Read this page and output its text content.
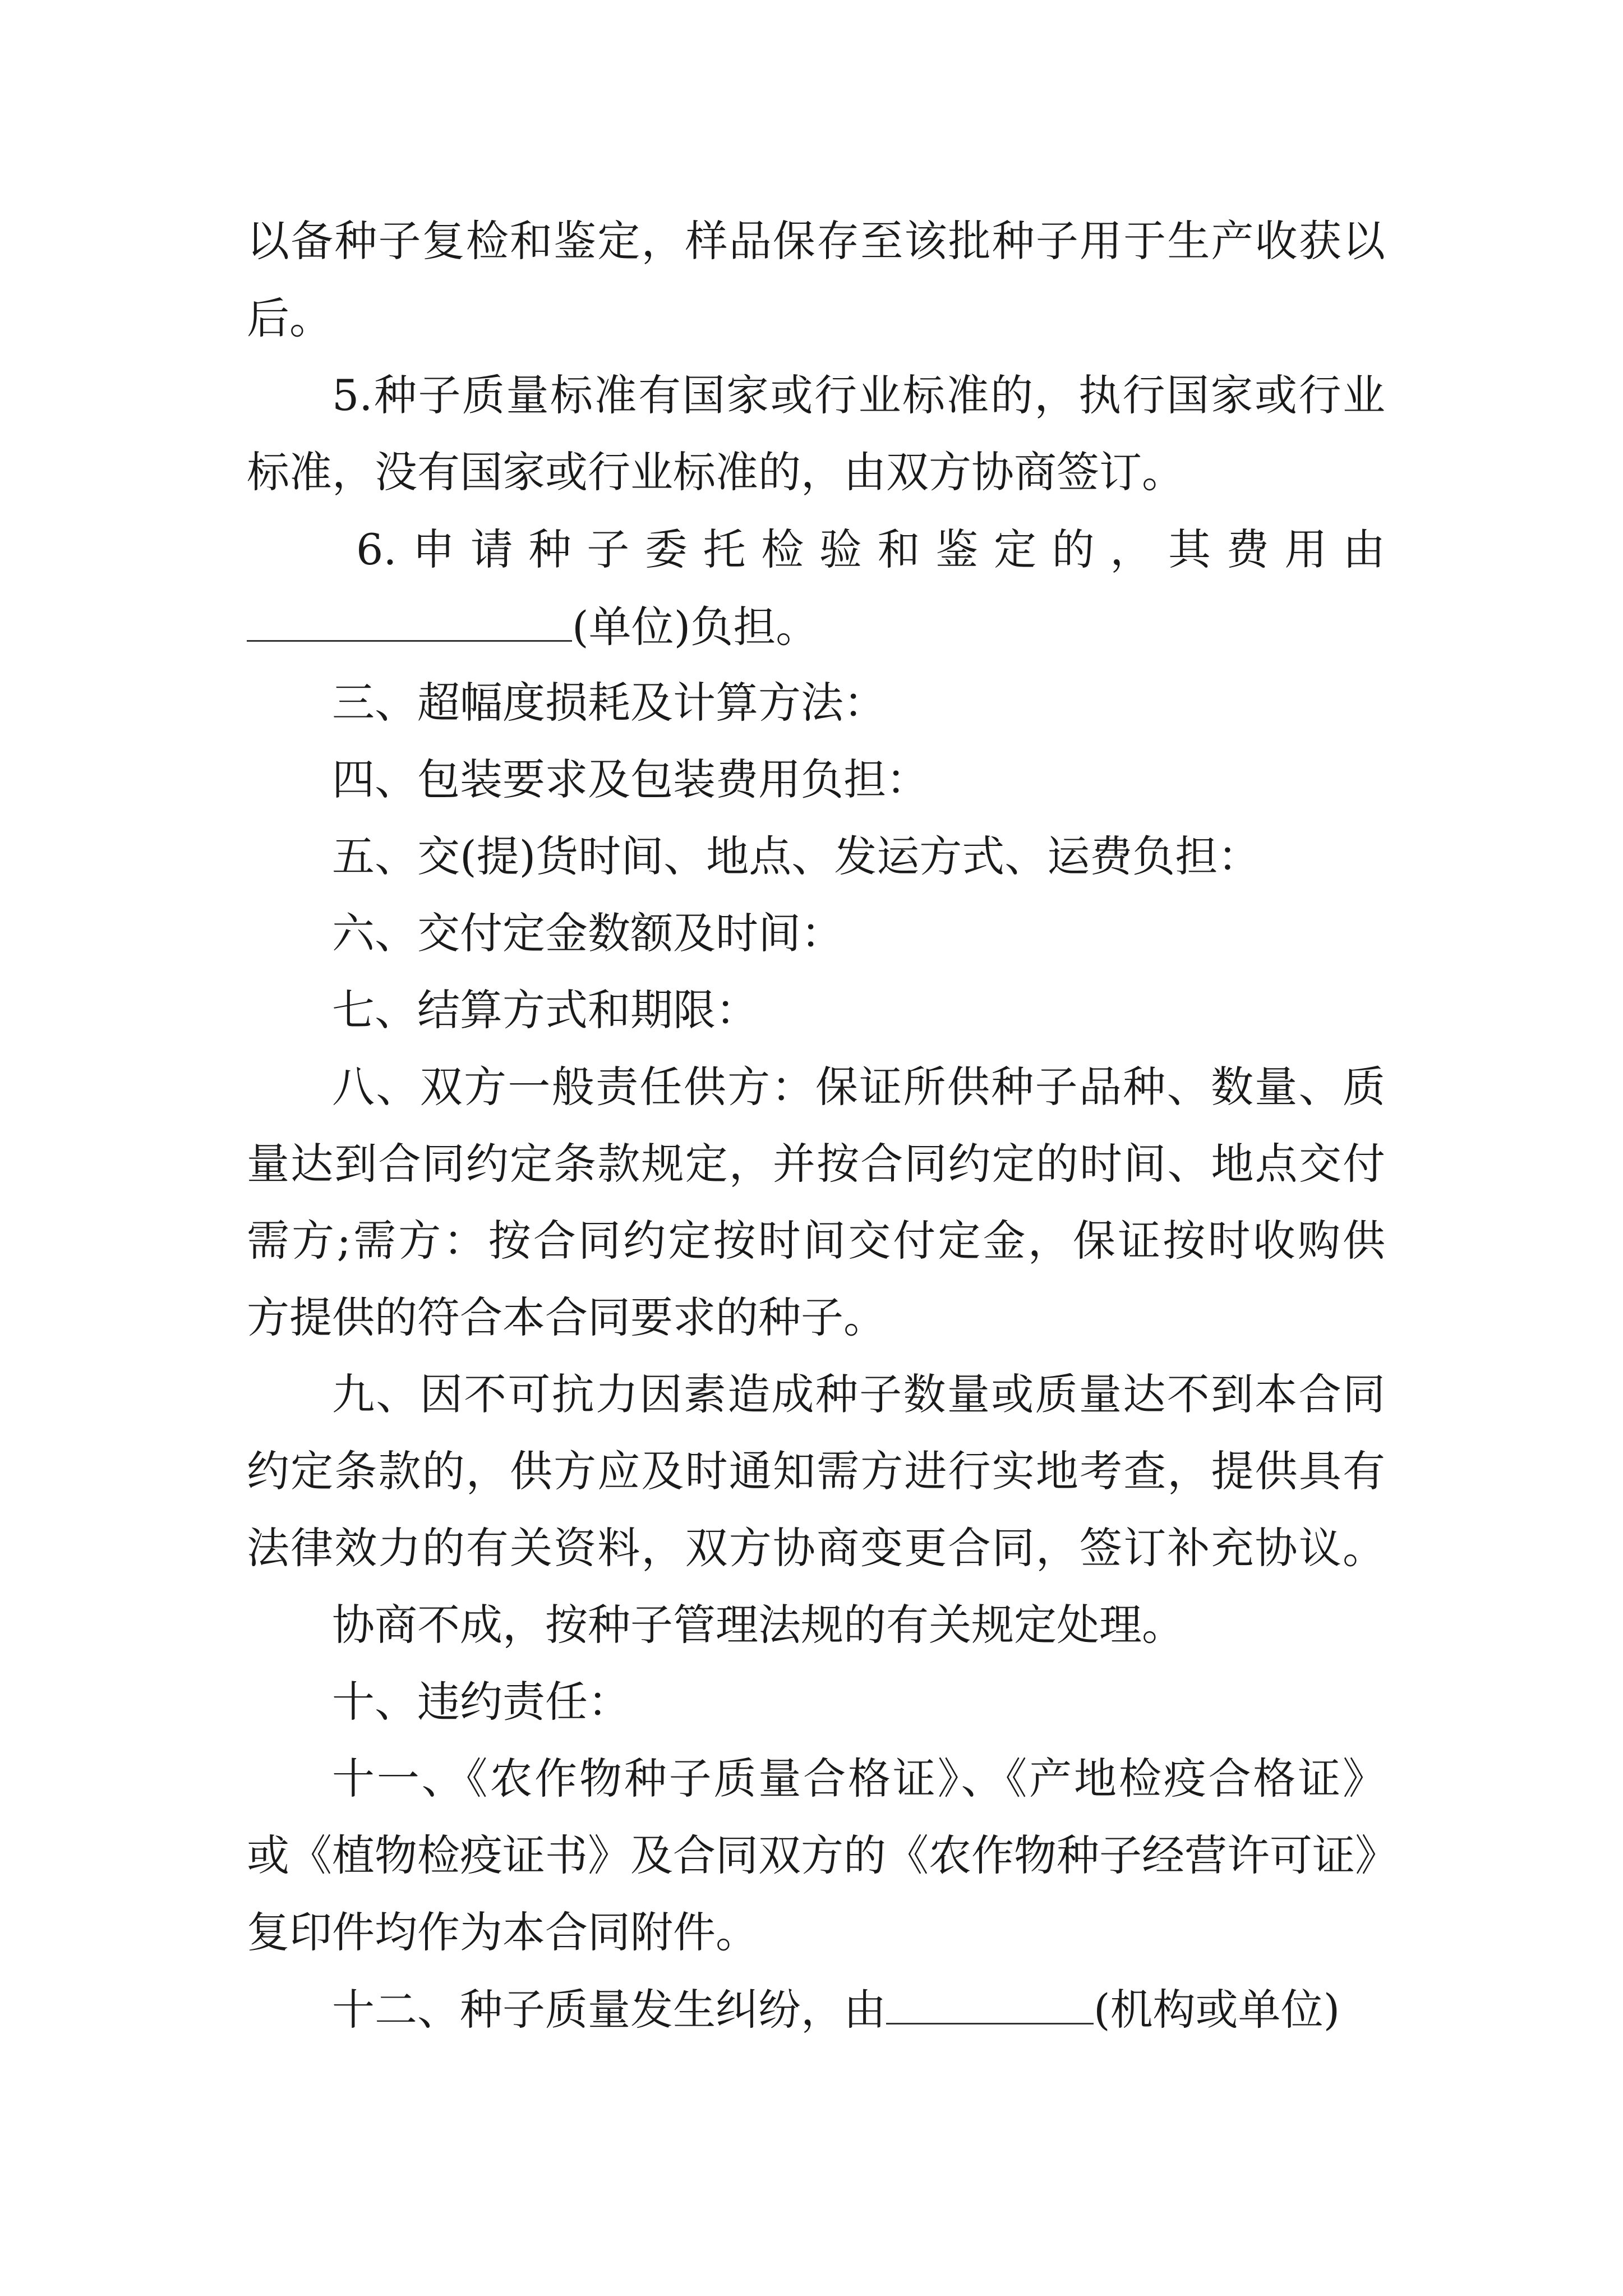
以备种子复检和鉴定，样品保存至该批种子用于生产收获以
后。
5.种子质量标准有国家或行业标准的，执行国家或行业
标准，没有国家或行业标准的，由双方协商签订。
6.申请种子委托检验和鉴定的，其费用由
(单位)负担。
三、超幅度损耗及计算方法：
四、包装要求及包装费用负担：
五、交(提)货时间、地点、发运方式、运费负担：
六、交付定金数额及时间：
七、结算方式和期限：
八、双方一般责任供方：保证所供种子品种、数量、质
量达到合同约定条款规定，并按合同约定的时间、地点交付
需方;需方：按合同约定按时间交付定金，保证按时收购供
方提供的符合本合同要求的种子。
九、因不可抗力因素造成种子数量或质量达不到本合同
约定条款的，供方应及时通知需方进行实地考查，提供具有
法律效力的有关资料，双方协商变更合同，签订补充协议。
协商不成，按种子管理法规的有关规定处理。
十、违约责任：
十一、《农作物种子质量合格证》、《产地检疫合格证》
或《植物检疫证书》及合同双方的《农作物种子经营许可证》
复印件均作为本合同附件。
十二、种子质量发生纠纷，由	(机构或单位)
